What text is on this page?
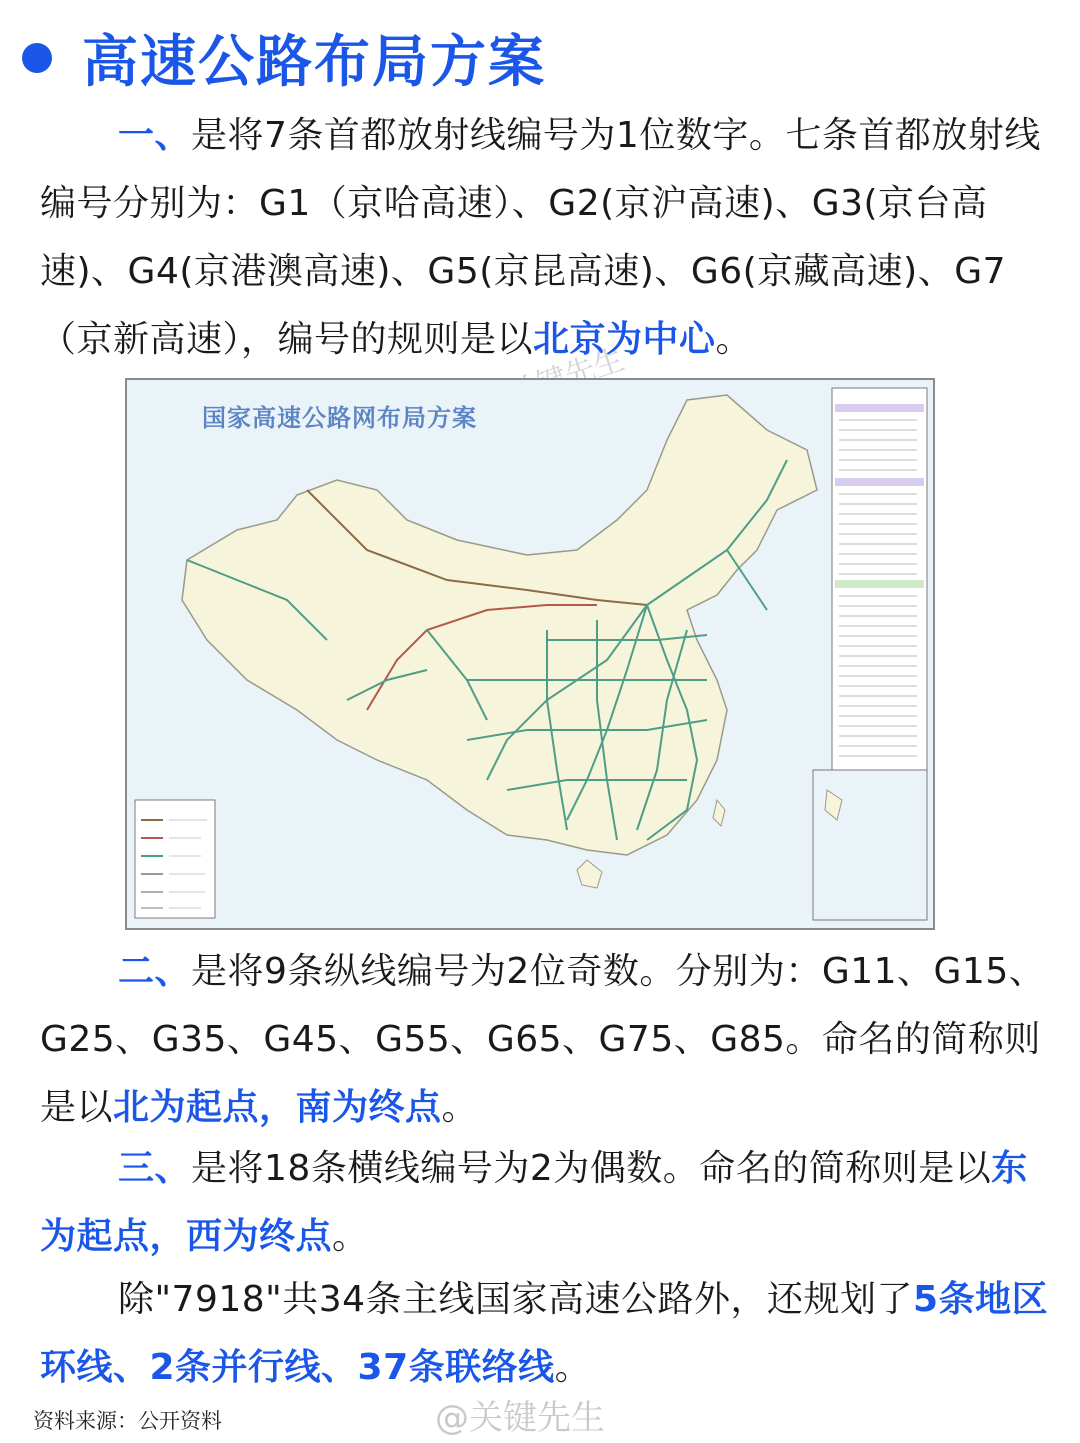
高速公路布局方案

一、是将7条首都放射线编号为1位数字。七条首都放射线编号分别为：G1（京哈高速）、G2(京沪高速)、G3(京台高速)、G4(京港澳高速)、G5(京昆高速)、G6(京藏高速)、G7（京新高速），编号的规则是以北京为中心。

国家高速公路网布局方案

二、是将9条纵线编号为2位奇数。分别为：G11、G15、G25、G35、G45、G55、G65、G75、G85。命名的简称则是以北为起点，南为终点。

三、是将18条横线编号为2为偶数。命名的简称则是以东为起点，西为终点。

除"7918"共34条主线国家高速公路外，还规划了5条地区环线、2条并行线、37条联络线。

资料来源：公开资料	@关键先生
